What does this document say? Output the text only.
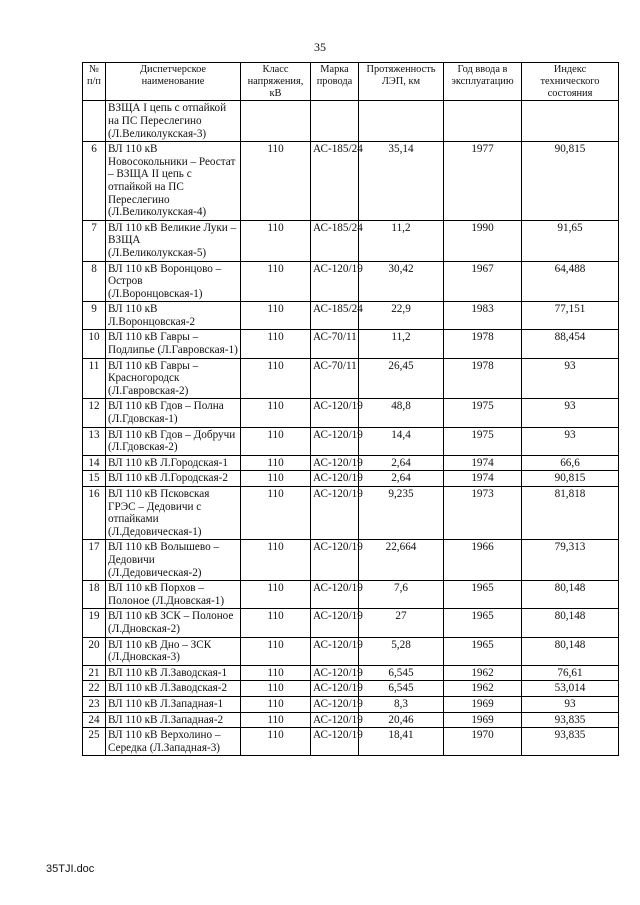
35
№ п/п	Диспетчерское наименование	Класс напряжения, кВ	Марка провода	Протяженность ЛЭП, км	Год ввода в эксплуатацию	Индекс технического состояния
	ВЗЩА I цепь с отпайкой на ПС Переслегино (Л.Великолукская-3)					
6	ВЛ 110 кВ Новосокольники – Реостат – ВЗЩА II цепь с отпайкой на ПС Переслегино (Л.Великолукская-4)	110	АС-185/24	35,14	1977	90,815
7	ВЛ 110 кВ Великие Луки – ВЗЩА (Л.Великолукская-5)	110	АС-185/24	11,2	1990	91,65
8	ВЛ 110 кВ Воронцово – Остров (Л.Воронцовская-1)	110	АС-120/19	30,42	1967	64,488
9	ВЛ 110 кВ Л.Воронцовская-2	110	АС-185/24	22,9	1983	77,151
10	ВЛ 110 кВ Гавры – Подлипье (Л.Гавровская-1)	110	АС-70/11	11,2	1978	88,454
11	ВЛ 110 кВ Гавры – Красногородск (Л.Гавровская-2)	110	АС-70/11	26,45	1978	93
12	ВЛ 110 кВ Гдов – Полна (Л.Гдовская-1)	110	АС-120/19	48,8	1975	93
13	ВЛ 110 кВ Гдов – Добручи (Л.Гдовская-2)	110	АС-120/19	14,4	1975	93
14	ВЛ 110 кВ Л.Городская-1	110	АС-120/19	2,64	1974	66,6
15	ВЛ 110 кВ Л.Городская-2	110	АС-120/19	2,64	1974	90,815
16	ВЛ 110 кВ Псковская ГРЭС – Дедовичи с отпайками (Л.Дедовическая-1)	110	АС-120/19	9,235	1973	81,818
17	ВЛ 110 кВ Волышево – Дедовичи (Л.Дедовическая-2)	110	АС-120/19	22,664	1966	79,313
18	ВЛ 110 кВ Порхов – Полоное (Л.Дновская-1)	110	АС-120/19	7,6	1965	80,148
19	ВЛ 110 кВ ЗСК – Полоное (Л.Дновская-2)	110	АС-120/19	27	1965	80,148
20	ВЛ 110 кВ Дно – ЗСК (Л.Дновская-3)	110	АС-120/19	5,28	1965	80,148
21	ВЛ 110 кВ Л.Заводская-1	110	АС-120/19	6,545	1962	76,61
22	ВЛ 110 кВ Л.Заводская-2	110	АС-120/19	6,545	1962	53,014
23	ВЛ 110 кВ Л.Западная-1	110	АС-120/19	8,3	1969	93
24	ВЛ 110 кВ Л.Западная-2	110	АС-120/19	20,46	1969	93,835
25	ВЛ 110 кВ Верхолино – Середка (Л.Западная-3)	110	АС-120/19	18,41	1970	93,835
35TJI.doc
